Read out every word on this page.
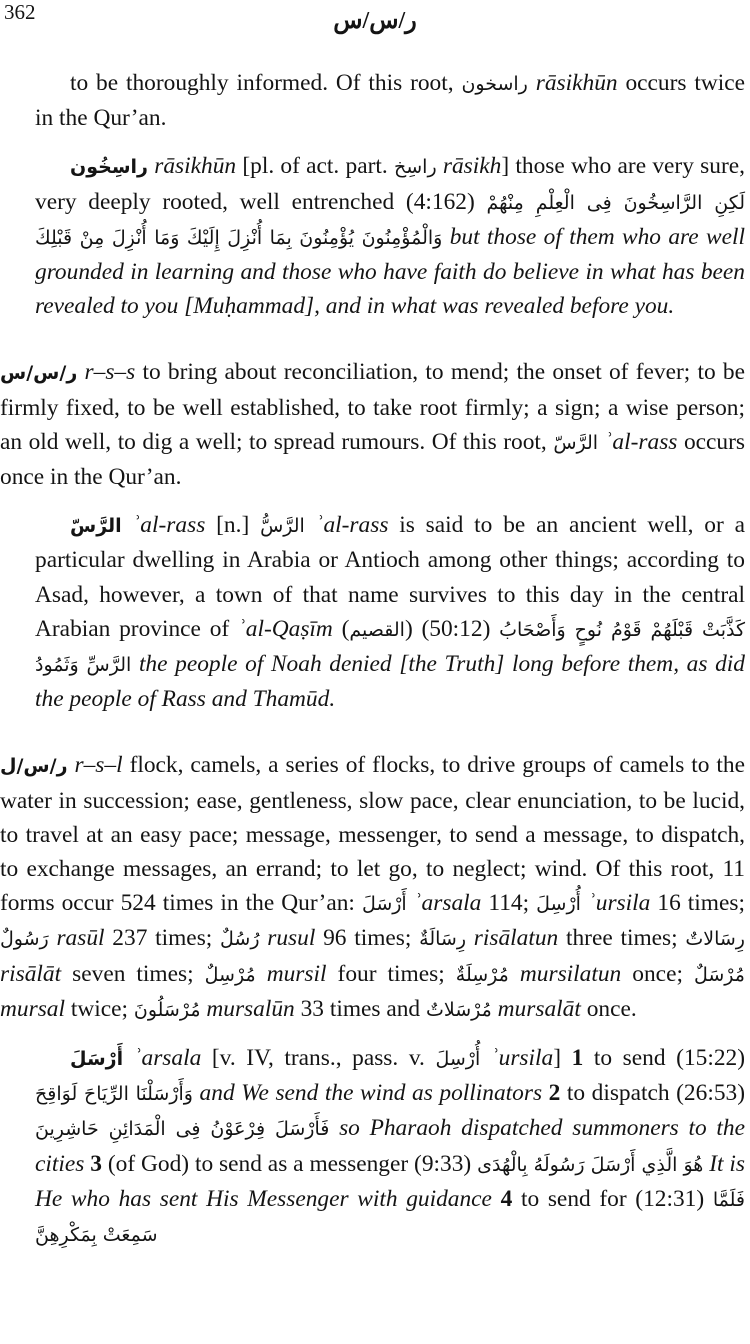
362	ر/س/س

to be thoroughly informed. Of this root, راسخون rāsikhūn occurs twice in the Qur’an.

راسِخُون rāsikhūn [pl. of act. part. راسِخ rāsikh] those who are very sure, very deeply rooted, well entrenched (4:162) لَكِنِ الرَّاسِخُونَ فِى الْعِلْمِ مِنْهُمْ وَالْمُؤْمِنُونَ يُؤْمِنُونَ بِمَا أُنْزِلَ إِلَيْكَ وَمَا أُنْزِلَ مِنْ قَبْلِكَ but those of them who are well grounded in learning and those who have faith do believe in what has been revealed to you [Muḥammad], and in what was revealed before you.

ر/س/س r–s–s to bring about reconciliation, to mend; the onset of fever; to be firmly fixed, to be well established, to take root firmly; a sign; a wise person; an old well, to dig a well; to spread rumours. Of this root, الرَّسّ ʾal-rass occurs once in the Qur’an.

الرَّسّ ʾal-rass [n.] الرَّسُّ ʾal-rass is said to be an ancient well, or a particular dwelling in Arabia or Antioch among other things; according to Asad, however, a town of that name survives to this day in the central Arabian province of ʾal-Qaṣīm (القصيم) (50:12) كَذَّبَتْ قَبْلَهُمْ قَوْمُ نُوحٍ وَأَصْحَابُ الرَّسِّ وَثَمُودُ the people of Noah denied [the Truth] long before them, as did the people of Rass and Thamūd.

ر/س/ل r–s–l flock, camels, a series of flocks, to drive groups of camels to the water in succession; ease, gentleness, slow pace, clear enunciation, to be lucid, to travel at an easy pace; message, messenger, to send a message, to dispatch, to exchange messages, an errand; to let go, to neglect; wind. Of this root, 11 forms occur 524 times in the Qur’an: أَرْسَلَ ʾarsala 114; أُرْسِلَ ʾursila 16 times; رَسُولٌ rasūl 237 times; رُسُلٌ rusul 96 times; رِسَالَةٌ risālatun three times; رِسَالاتٌ risālāt seven times; مُرْسِلٌ mursil four times; مُرْسِلَةٌ mursilatun once; مُرْسَلٌ mursal twice; مُرْسَلُونَ mursalūn 33 times and مُرْسَلاتٌ mursalāt once.

أَرْسَلَ ʾarsala [v. IV, trans., pass. v. أُرْسِلَ ʾursila] 1 to send (15:22) وَأَرْسَلْنَا الرِّيَاحَ لَوَاقِحَ and We send the wind as pollinators 2 to dispatch (26:53) فَأَرْسَلَ فِرْعَوْنُ فِى الْمَدَائِنِ حَاشِرِينَ so Pharaoh dispatched summoners to the cities 3 (of God) to send as a messenger (9:33) هُوَ الَّذِي أَرْسَلَ رَسُولَهُ بِالْهُدَى It is He who has sent His Messenger with guidance 4 to send for (12:31) فَلَمَّا سَمِعَتْ بِمَكْرِهِنَّ
